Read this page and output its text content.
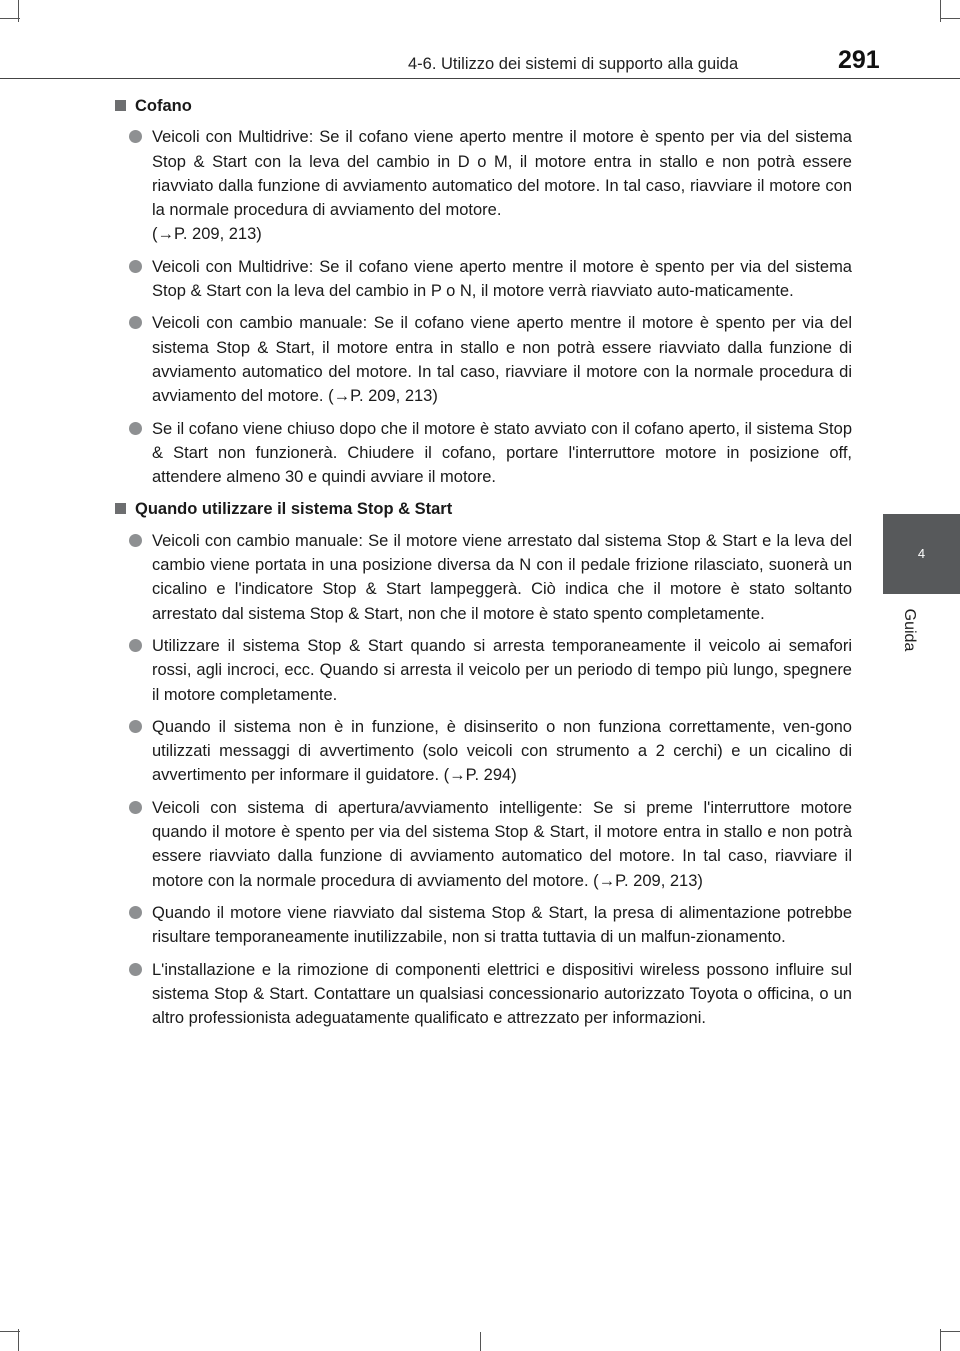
4-6. Utilizzo dei sistemi di supporto alla guida	291
4
Guida
Cofano
Veicoli con Multidrive: Se il cofano viene aperto mentre il motore è spento per via del sistema Stop & Start con la leva del cambio in D o M, il motore entra in stallo e non potrà essere riavviato dalla funzione di avviamento automatico del motore. In tal caso, riavviare il motore con la normale procedura di avviamento del motore.
(→P. 209, 213)
Veicoli con Multidrive: Se il cofano viene aperto mentre il motore è spento per via del sistema Stop & Start con la leva del cambio in P o N, il motore verrà riavviato auto-maticamente.
Veicoli con cambio manuale: Se il cofano viene aperto mentre il motore è spento per via del sistema Stop & Start, il motore entra in stallo e non potrà essere riavviato dalla funzione di avviamento automatico del motore. In tal caso, riavviare il motore con la normale procedura di avviamento del motore. (→P. 209, 213)
Se il cofano viene chiuso dopo che il motore è stato avviato con il cofano aperto, il sistema Stop & Start non funzionerà. Chiudere il cofano, portare l'interruttore motore in posizione off, attendere almeno 30 e quindi avviare il motore.
Quando utilizzare il sistema Stop & Start
Veicoli con cambio manuale: Se il motore viene arrestato dal sistema Stop & Start e la leva del cambio viene portata in una posizione diversa da N con il pedale frizione rilasciato, suonerà un cicalino e l'indicatore Stop & Start lampeggerà. Ciò indica che il motore è stato soltanto arrestato dal sistema Stop & Start, non che il motore è stato spento completamente.
Utilizzare il sistema Stop & Start quando si arresta temporaneamente il veicolo ai semafori rossi, agli incroci, ecc. Quando si arresta il veicolo per un periodo di tempo più lungo, spegnere il motore completamente.
Quando il sistema non è in funzione, è disinserito o non funziona correttamente, ven-gono utilizzati messaggi di avvertimento (solo veicoli con strumento a 2 cerchi) e un cicalino di avvertimento per informare il guidatore. (→P. 294)
Veicoli con sistema di apertura/avviamento intelligente: Se si preme l'interruttore motore quando il motore è spento per via del sistema Stop & Start, il motore entra in stallo e non potrà essere riavviato dalla funzione di avviamento automatico del motore. In tal caso, riavviare il motore con la normale procedura di avviamento del motore. (→P. 209, 213)
Quando il motore viene riavviato dal sistema Stop & Start, la presa di alimentazione potrebbe risultare temporaneamente inutilizzabile, non si tratta tuttavia di un malfun-zionamento.
L'installazione e la rimozione di componenti elettrici e dispositivi wireless possono influire sul sistema Stop & Start. Contattare un qualsiasi concessionario autorizzato Toyota o officina, o un altro professionista adeguatamente qualificato e attrezzato per informazioni.
